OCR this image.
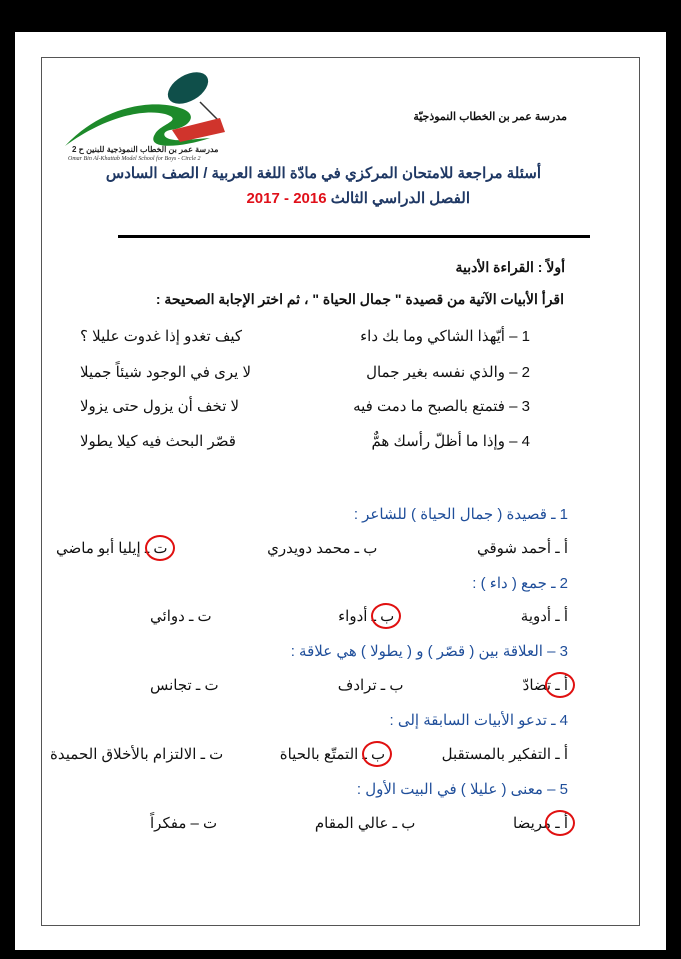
مدرسة عمر بن الخطاب النموذجية للبنين ح 2
Omar Bin Al-Khattab Model School for Boys - Circle 2
مدرسة عمر بن الخطاب النموذجيّة
أسئلة مراجعة للامتحان المركزي في مادّة اللغة العربية / الصف السادس
الفصل الدراسي الثالث 2016 - 2017
أولاً : القراءة الأدبية
اقرأ الأبيات الآتية من قصيدة " جمال الحياة " ، ثم اختر الإجابة الصحيحة :
1 – أيّهذا الشاكي وما بك داء
كيف تغدو إذا غدوت عليلا ؟
2 – والذي نفسه بغير جمال
لا يرى في الوجود شيئاً جميلا
3 – فتمتع بالصبح ما دمت فيه
لا تخف أن يزول حتى يزولا
4 – وإذا ما أظلّ رأسك همٌّ
قصّر البحث فيه كيلا يطولا
1 ـ قصيدة ( جمال الحياة ) للشاعر :
أ ـ أحمد شوقي
ب ـ محمد دويدري
ت ـ إيليا أبو ماضي
2 ـ جمع ( داء ) :
أ ـ أدوية
ب ـ أدواء
ت ـ دوائي
3 – العلاقة بين ( قصّر ) و ( يطولا ) هي علاقة :
أ ـ تضادّ
ب ـ ترادف
ت ـ تجانس
4 ـ تدعو الأبيات السابقة إلى :
أ ـ التفكير بالمستقبل
ب ـ التمتّع بالحياة
ت ـ الالتزام بالأخلاق الحميدة
5 – معنى ( عليلا ) في البيت الأول :
أ ـ مريضا
ب ـ عالي المقام
ت – مفكراً
